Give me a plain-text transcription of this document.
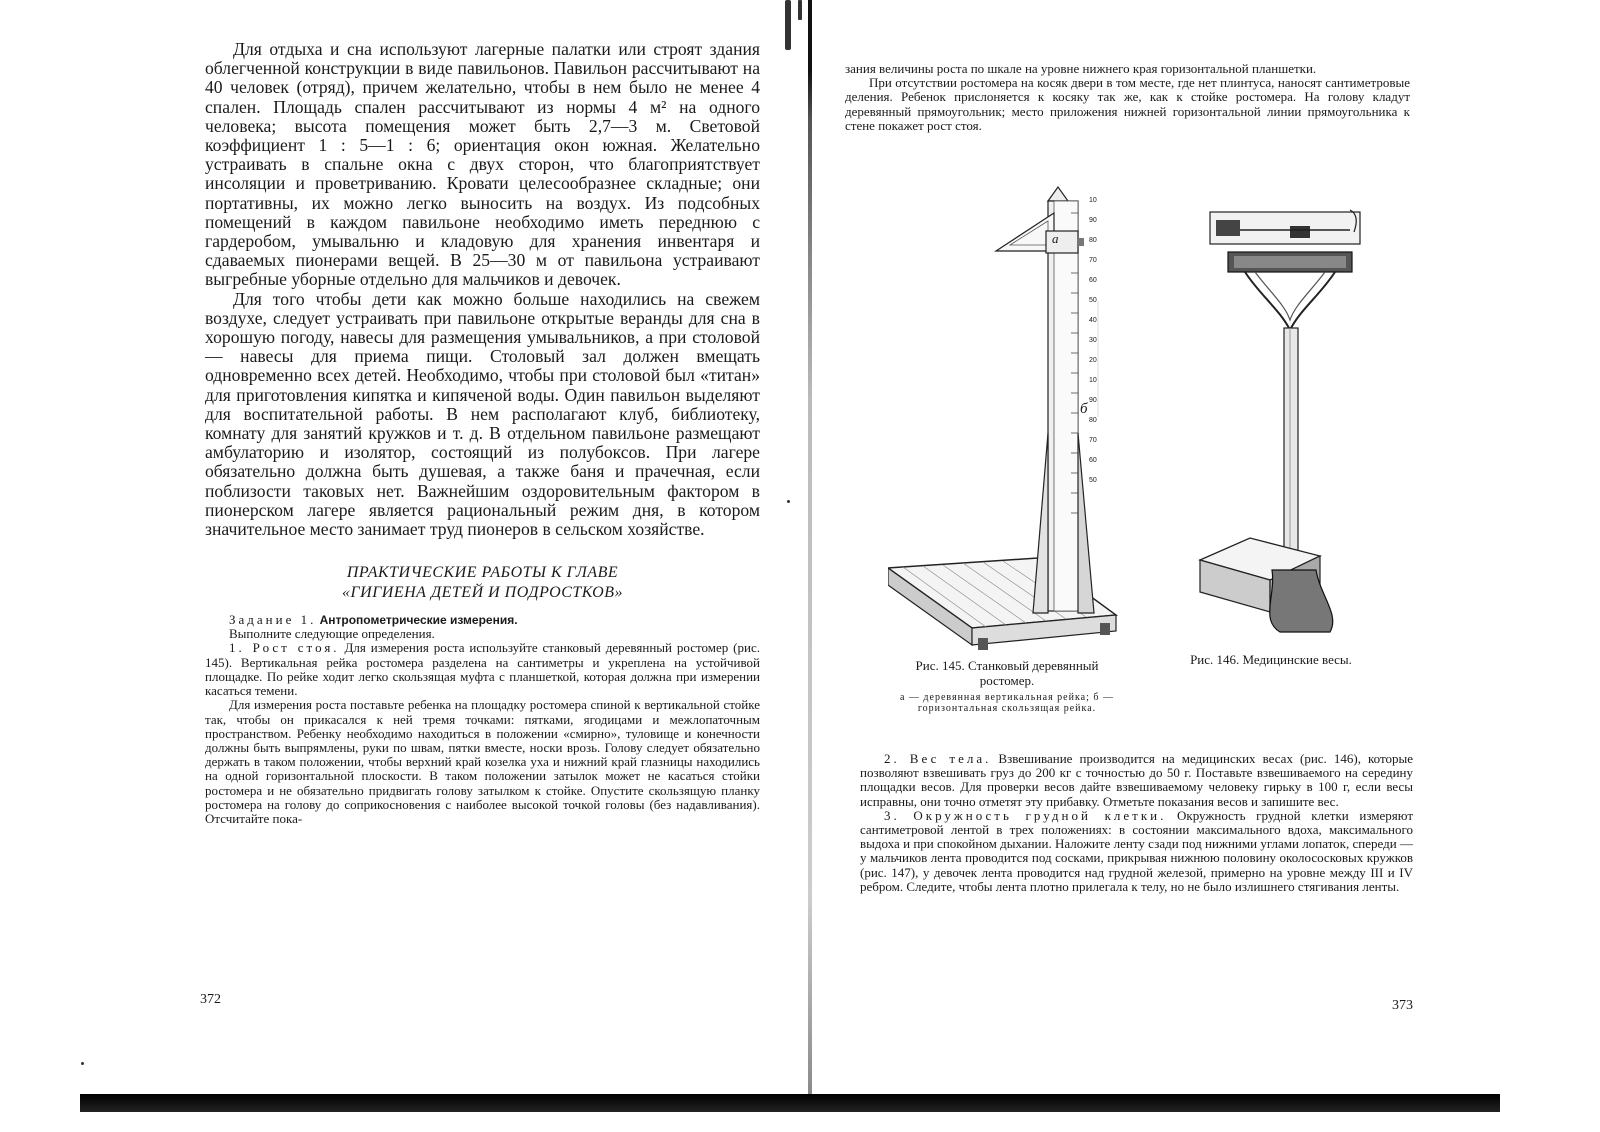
Для отдыха и сна используют лагерные палатки или строят здания облегченной конструкции в виде павильонов. Павильон рассчитывают на 40 человек (отряд), причем желательно, чтобы в нем было не менее 4 спален. Площадь спален рассчитывают из нормы 4 м² на одного человека; высота помещения может быть 2,7—3 м. Световой коэффициент 1 : 5—1 : 6; ориентация окон южная. Желательно устраивать в спальне окна с двух сторон, что благоприятствует инсоляции и проветриванию. Кровати целесообразнее складные; они портативны, их можно легко выносить на воздух. Из подсобных помещений в каждом павильоне необходимо иметь переднюю с гардеробом, умывальню и кладовую для хранения инвентаря и сдаваемых пионерами вещей. В 25—30 м от павильона устраивают выгребные уборные отдельно для мальчиков и девочек.

Для того чтобы дети как можно больше находились на свежем воздухе, следует устраивать при павильоне открытые веранды для сна в хорошую погоду, навесы для размещения умывальников, а при столовой — навесы для приема пищи. Столовый зал должен вмещать одновременно всех детей. Необходимо, чтобы при столовой был «титан» для приготовления кипятка и кипяченой воды. Один павильон выделяют для воспитательной работы. В нем располагают клуб, библиотеку, комнату для занятий кружков и т. д. В отдельном павильоне размещают амбулаторию и изолятор, состоящий из полубоксов. При лагере обязательно должна быть душевая, а также баня и прачечная, если поблизости таковых нет. Важнейшим оздоровительным фактором в пионерском лагере является рациональный режим дня, в котором значительное место занимает труд пионеров в сельском хозяйстве.

ПРАКТИЧЕСКИЕ РАБОТЫ К ГЛАВЕ
«ГИГИЕНА ДЕТЕЙ И ПОДРОСТКОВ»
Задание 1. Антропометрические измерения.

Выполните следующие определения.

1. Рост стоя. Для измерения роста используйте станковый деревянный ростомер (рис. 145). Вертикальная рейка ростомера разделена на сантиметры и укреплена на устойчивой площадке. По рейке ходит легко скользящая муфта с планшеткой, которая должна при измерении касаться темени.

Для измерения роста поставьте ребенка на площадку ростомера спиной к вертикальной стойке так, чтобы он прикасался к ней тремя точками: пятками, ягодицами и межлопаточным пространством. Ребенку необходимо находиться в положении «смирно», туловище и конечности должны быть выпрямлены, руки по швам, пятки вместе, носки врозь. Голову следует обязательно держать в таком положении, чтобы верхний край козелка уха и нижний край глазницы находились на одной горизонтальной плоскости. В таком положении затылок может не касаться стойки ростомера и не обязательно придвигать голову затылком к стойке. Опустите скользящую планку ростомера на голову до соприкосновения с наиболее высокой точкой головы (без надавливания). Отсчитайте пока-

372

зания величины роста по шкале на уровне нижнего края горизонтальной планшетки.

При отсутствии ростомера на косяк двери в том месте, где нет плинтуса, наносят сантиметровые деления. Ребенок прислоняется к косяку так же, как к стойке ростомера. На голову кладут деревянный прямоугольник; место приложения нижней горизонтальной линии прямоугольника к стене покажет рост стоя.

10
90
80
70
60
50
40
30
20
10
90
80
70
60
50
а
б
Рис. 145. Станковый деревянный ростомер.
а — деревянная вертикальная рейка; б — горизонтальная скользящая рейка.
Рис. 146. Медицинские весы.

2. Вес тела. Взвешивание производится на медицинских весах (рис. 146), которые позволяют взвешивать груз до 200 кг с точностью до 50 г. Поставьте взвешиваемого на середину площадки весов. Для проверки весов дайте взвешиваемому человеку гирьку в 100 г, если весы исправны, они точно отметят эту прибавку. Отметьте показания весов и запишите вес.

3. Окружность грудной клетки. Окружность грудной клетки измеряют сантиметровой лентой в трех положениях: в состоянии максимального вдоха, максимального выдоха и при спокойном дыхании. Наложите ленту сзади под нижними углами лопаток, спереди — у мальчиков лента проводится под сосками, прикрывая нижнюю половину околососковых кружков (рис. 147), у девочек лента проводится над грудной железой, примерно на уровне между III и IV ребром. Следите, чтобы лента плотно прилегала к телу, но не было излишнего стягивания ленты.

373
